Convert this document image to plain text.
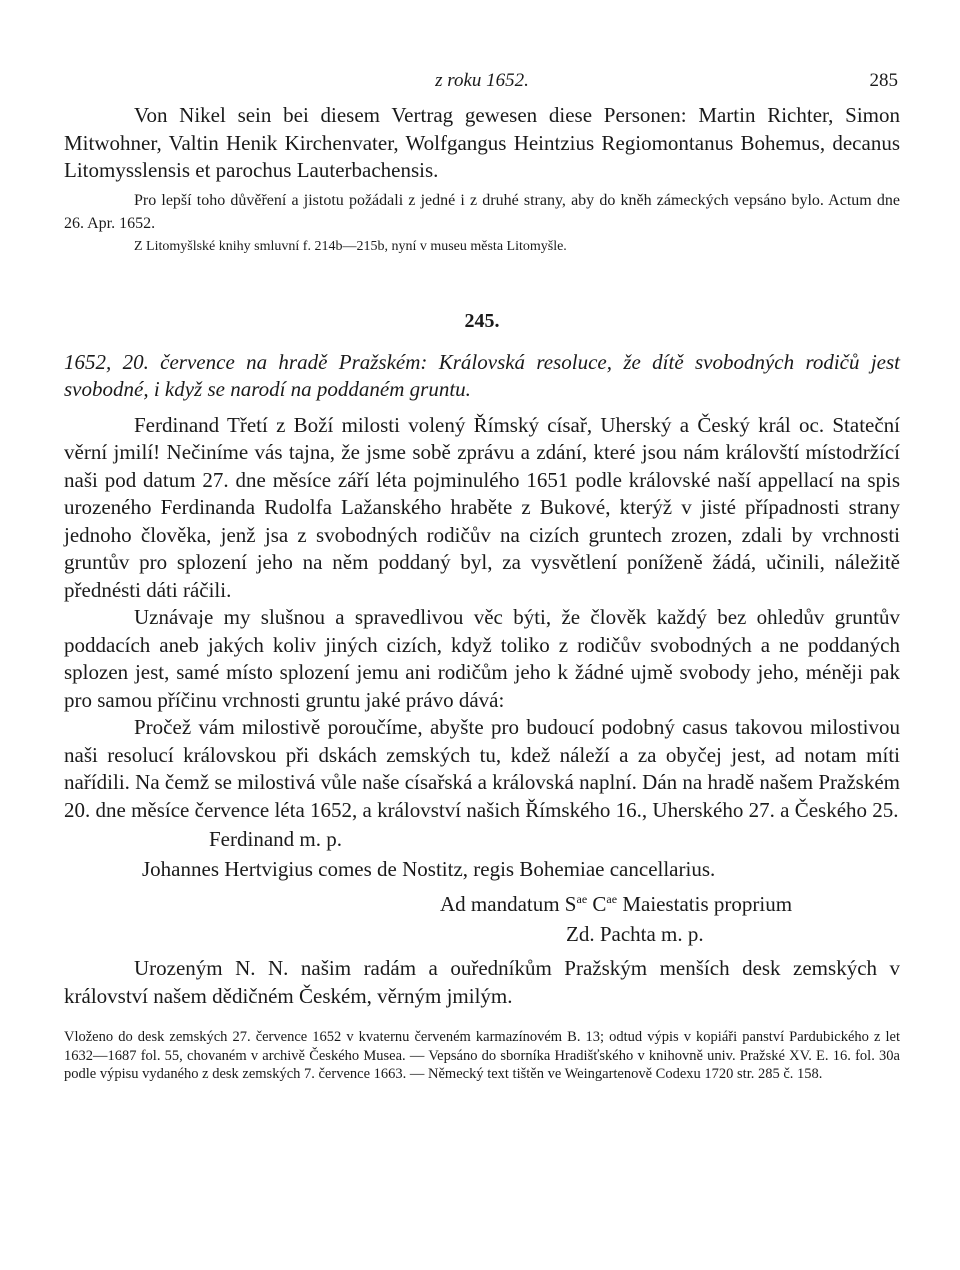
z roku 1652.	285

Von Nikel sein bei diesem Vertrag gewesen diese Personen: Martin Richter, Simon Mitwohner, Valtin Henik Kirchenvater, Wolfgangus Heintzius Regiomontanus Bohemus, decanus Litomysslensis et parochus Lauterbachensis.

Pro lepší toho důvěření a jistotu požádali z jedné i z druhé strany, aby do kněh zámeckých vepsáno bylo. Actum dne 26. Apr. 1652.

Z Litomyšlské knihy smluvní f. 214b—215b, nyní v museu města Litomyšle.

245.

1652, 20. července na hradě Pražském: Královská resoluce, že dítě svobodných rodičů jest svobodné, i když se narodí na poddaném gruntu.

Ferdinand Třetí z Boží milosti volený Římský císař, Uherský a Český král oc. Stateční věrní jmilí! Nečiníme vás tajna, že jsme sobě zprávu a zdání, které jsou nám královští místodržící naši pod datum 27. dne měsíce září léta pojminulého 1651 podle královské naší appellací na spis urozeného Ferdinanda Rudolfa Lažanského hraběte z Bukové, kterýž v jisté případnosti strany jednoho člověka, jenž jsa z svobodných rodičův na cizích gruntech zrozen, zdali by vrchnosti gruntův pro splození jeho na něm poddaný byl, za vysvětlení poníženě žádá, učinili, náležitě přednésti dáti ráčili.

Uznávaje my slušnou a spravedlivou věc býti, že člověk každý bez ohledův gruntův poddacích aneb jakých koliv jiných cizích, když toliko z rodičův svobodných a ne poddaných splozen jest, samé místo splození jemu ani rodičům jeho k žádné ujmě svobody jeho, méněji pak pro samou příčinu vrchnosti gruntu jaké právo dává:

Pročež vám milostivě poroučíme, abyšte pro budoucí podobný casus takovou milostivou naši resolucí královskou při dskách zemských tu, kdež náleží a za obyčej jest, ad notam míti nařídili. Na čemž se milostivá vůle naše císařská a královská naplní. Dán na hradě našem Pražském 20. dne měsíce července léta 1652, a království našich Římského 16., Uherského 27. a Českého 25.

Ferdinand m. p.

Johannes Hertvigius comes de Nostitz, regis Bohemiae cancellarius.

Ad mandatum $S^{ae}$ $C^{ae}$ Maiestatis proprium

Zd. Pachta m. p.

Urozeným N. N. našim radám a ouředníkům Pražským menších desk zemských v království našem dědičném Českém, věrným jmilým.

Vloženo do desk zemských 27. července 1652 v kvaternu červeném karmazínovém B. 13; odtud výpis v kopiáři panství Pardubického z let 1632—1687 fol. 55, chovaném v archivě Českého Musea. — Vepsáno do sborníka Hradišťského v knihovně univ. Pražské XV. E. 16. fol. 30a podle výpisu vydaného z desk zemských 7. července 1663. — Německý text tištěn ve Weingartenově Codexu 1720 str. 285 č. 158.
